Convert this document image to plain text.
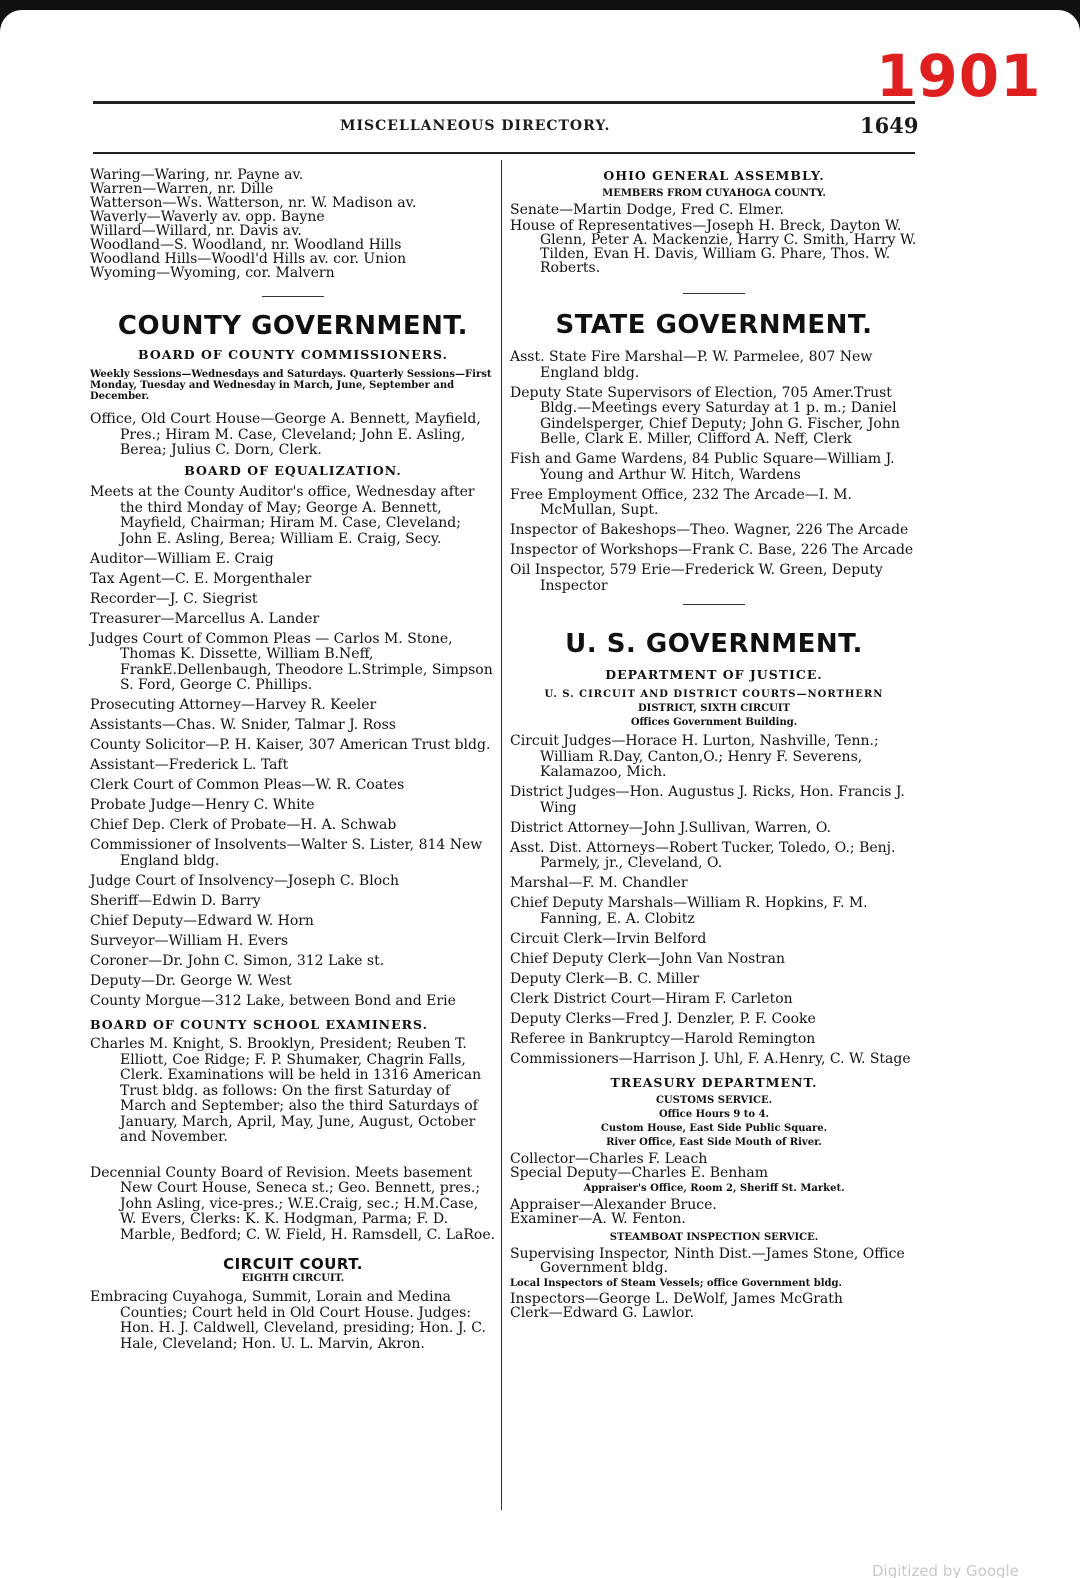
1901
MISCELLANEOUS DIRECTORY.	1649
Waring—Waring, nr. Payne av.
Warren—Warren, nr. Dille
Watterson—Ws. Watterson, nr. W. Madison av.
Waverly—Waverly av. opp. Bayne
Willard—Willard, nr. Davis av.
Woodland—S. Woodland, nr. Woodland Hills
Woodland Hills—Woodl'd Hills av. cor. Union
Wyoming—Wyoming, cor. Malvern
COUNTY GOVERNMENT.
BOARD OF COUNTY COMMISSIONERS.
Weekly Sessions—Wednesdays and Saturdays. Quarterly Sessions—First Monday, Tuesday and Wednesday in March, June, September and December.
Office, Old Court House—George A. Bennett, Mayfield, Pres.; Hiram M. Case, Cleveland; John E. Asling, Berea; Julius C. Dorn, Clerk.
BOARD OF EQUALIZATION.
Meets at the County Auditor's office, Wednesday after the third Monday of May; George A. Bennett, Mayfield, Chairman; Hiram M. Case, Cleveland; John E. Asling, Berea; William E. Craig, Secy.
Auditor—William E. Craig
Tax Agent—C. E. Morgenthaler
Recorder—J. C. Siegrist
Treasurer—Marcellus A. Lander
Judges Court of Common Pleas — Carlos M. Stone, Thomas K. Dissette, William B.Neff, FrankE.Dellenbaugh, Theodore L.Strimple, Simpson S. Ford, George C. Phillips.
Prosecuting Attorney—Harvey R. Keeler
Assistants—Chas. W. Snider, Talmar J. Ross
County Solicitor—P. H. Kaiser, 307 American Trust bldg.
Assistant—Frederick L. Taft
Clerk Court of Common Pleas—W. R. Coates
Probate Judge—Henry C. White
Chief Dep. Clerk of Probate—H. A. Schwab
Commissioner of Insolvents—Walter S. Lister, 814 New England bldg.
Judge Court of Insolvency—Joseph C. Bloch
Sheriff—Edwin D. Barry
Chief Deputy—Edward W. Horn
Surveyor—William H. Evers
Coroner—Dr. John C. Simon, 312 Lake st.
Deputy—Dr. George W. West
County Morgue—312 Lake, between Bond and Erie
BOARD OF COUNTY SCHOOL EXAMINERS.
Charles M. Knight, S. Brooklyn, President; Reuben T. Elliott, Coe Ridge; F. P. Shumaker, Chagrin Falls, Clerk. Examinations will be held in 1316 American Trust bldg. as follows: On the first Saturday of March and September; also the third Saturdays of January, March, April, May, June, August, October and November.
Decennial County Board of Revision. Meets basement New Court House, Seneca st.; Geo. Bennett, pres.; John Asling, vice-pres.; W.E.Craig, sec.; H.M.Case, W. Evers, Clerks: K. K. Hodgman, Parma; F. D. Marble, Bedford; C. W. Field, H. Ramsdell, C. LaRoe.
CIRCUIT COURT.
EIGHTH CIRCUIT.
Embracing Cuyahoga, Summit, Lorain and Medina Counties; Court held in Old Court House. Judges: Hon. H. J. Caldwell, Cleveland, presiding; Hon. J. C. Hale, Cleveland; Hon. U. L. Marvin, Akron.
OHIO GENERAL ASSEMBLY.
MEMBERS FROM CUYAHOGA COUNTY.
Senate—Martin Dodge, Fred C. Elmer.
House of Representatives—Joseph H. Breck, Dayton W. Glenn, Peter A. Mackenzie, Harry C. Smith, Harry W. Tilden, Evan H. Davis, William G. Phare, Thos. W. Roberts.
STATE GOVERNMENT.
Asst. State Fire Marshal—P. W. Parmelee, 807 New England bldg.
Deputy State Supervisors of Election, 705 Amer.Trust Bldg.—Meetings every Saturday at 1 p. m.; Daniel Gindelsperger, Chief Deputy; John G. Fischer, John Belle, Clark E. Miller, Clifford A. Neff, Clerk
Fish and Game Wardens, 84 Public Square—William J. Young and Arthur W. Hitch, Wardens
Free Employment Office, 232 The Arcade—I. M. McMullan, Supt.
Inspector of Bakeshops—Theo. Wagner, 226 The Arcade
Inspector of Workshops—Frank C. Base, 226 The Arcade
Oil Inspector, 579 Erie—Frederick W. Green, Deputy Inspector
U. S. GOVERNMENT.
DEPARTMENT OF JUSTICE.
U. S. CIRCUIT AND DISTRICT COURTS—NORTHERN
DISTRICT, SIXTH CIRCUIT
Offices Government Building.
Circuit Judges—Horace H. Lurton, Nashville, Tenn.; William R.Day, Canton,O.; Henry F. Severens, Kalamazoo, Mich.
District Judges—Hon. Augustus J. Ricks, Hon. Francis J. Wing
District Attorney—John J.Sullivan, Warren, O.
Asst. Dist. Attorneys—Robert Tucker, Toledo, O.; Benj. Parmely, jr., Cleveland, O.
Marshal—F. M. Chandler
Chief Deputy Marshals—William R. Hopkins, F. M. Fanning, E. A. Clobitz
Circuit Clerk—Irvin Belford
Chief Deputy Clerk—John Van Nostran
Deputy Clerk—B. C. Miller
Clerk District Court—Hiram F. Carleton
Deputy Clerks—Fred J. Denzler, P. F. Cooke
Referee in Bankruptcy—Harold Remington
Commissioners—Harrison J. Uhl, F. A.Henry, C. W. Stage
TREASURY DEPARTMENT.
CUSTOMS SERVICE.
Office Hours 9 to 4.
Custom House, East Side Public Square.
River Office, East Side Mouth of River.
Collector—Charles F. Leach
Special Deputy—Charles E. Benham
Appraiser's Office, Room 2, Sheriff St. Market.
Appraiser—Alexander Bruce.
Examiner—A. W. Fenton.
STEAMBOAT INSPECTION SERVICE.
Supervising Inspector, Ninth Dist.—James Stone, Office Government bldg.
Local Inspectors of Steam Vessels; office Government bldg.
Inspectors—George L. DeWolf, James McGrath
Clerk—Edward G. Lawlor.
Digitized by Google
